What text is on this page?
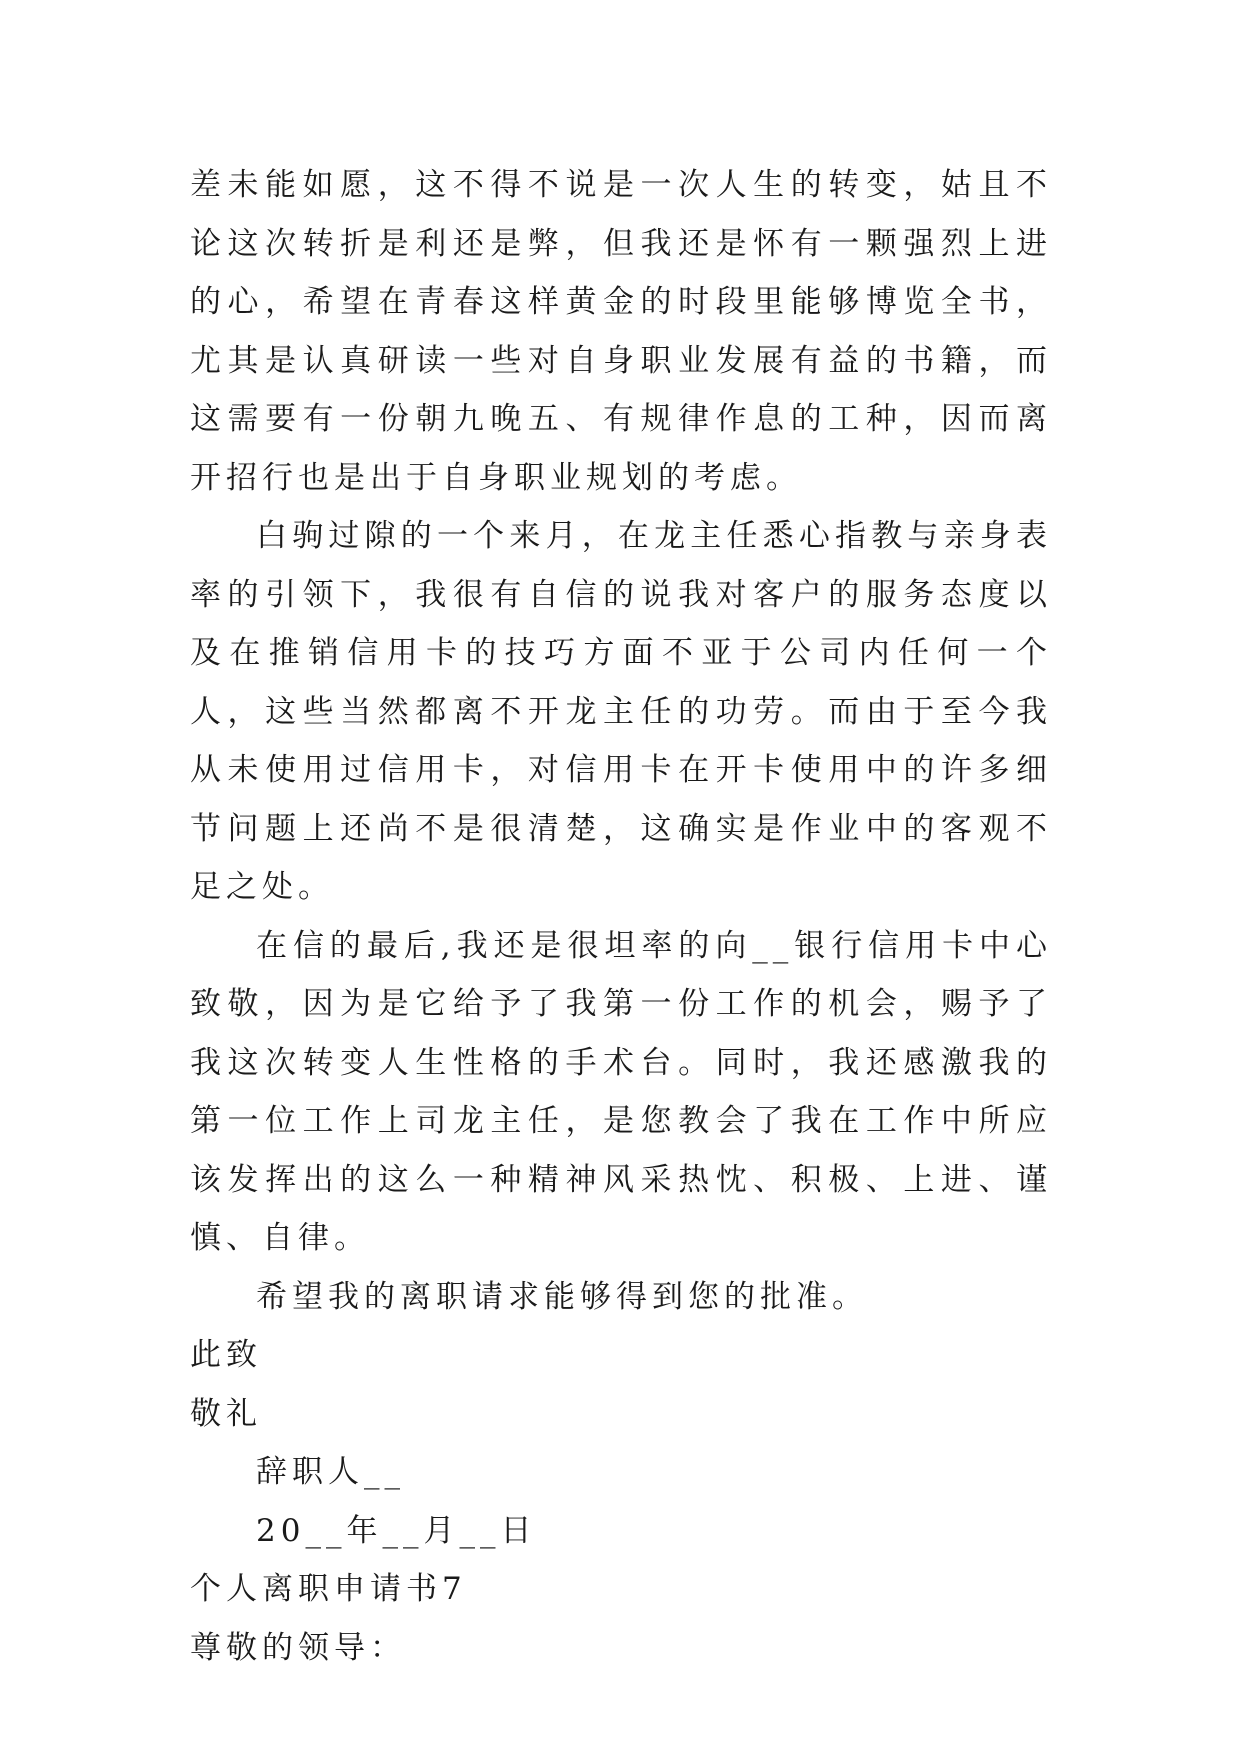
差未能如愿，这不得不说是一次人生的转变，姑且不论这次转折是利还是弊，但我还是怀有一颗强烈上进的心，希望在青春这样黄金的时段里能够博览全书，尤其是认真研读一些对自身职业发展有益的书籍，而这需要有一份朝九晚五、有规律作息的工种，因而离开招行也是出于自身职业规划的考虑。

白驹过隙的一个来月，在龙主任悉心指教与亲身表率的引领下，我很有自信的说我对客户的服务态度以及在推销信用卡的技巧方面不亚于公司内任何一个人，这些当然都离不开龙主任的功劳。而由于至今我从未使用过信用卡，对信用卡在开卡使用中的许多细节问题上还尚不是很清楚，这确实是作业中的客观不足之处。

在信的最后,我还是很坦率的向__银行信用卡中心致敬，因为是它给予了我第一份工作的机会，赐予了我这次转变人生性格的手术台。同时，我还感激我的第一位工作上司龙主任，是您教会了我在工作中所应该发挥出的这么一种精神风采热忱、积极、上进、谨慎、自律。

希望我的离职请求能够得到您的批准。
此致
敬礼
辞职人__
20__年__月__日
个人离职申请书7
尊敬的领导：
